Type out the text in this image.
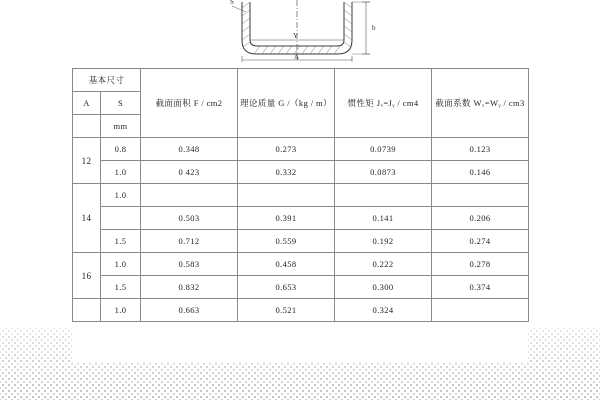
b
S
Y
A
基本尺寸		截面面积 F / cm2	理论质量 G /（kg / m）	惯性矩 Jₓ=Jᵧ / cm4	截面系数 Wₓ=Wᵧ / cm3
A	S				
	mm				
12	0.8	0.348	0.273	0.0739	0.123
	1.0	0 423	0.332	0.0873	0.146
14	1.0				
		0.503	0.391	0.141	0.206
	1.5	0.712	0.559	0.192	0.274
16	1.0	0.583	0.458	0.222	0.278
	1.5	0.832	0.653	0.300	0.374
	1.0	0.663	0.521	0.324	
